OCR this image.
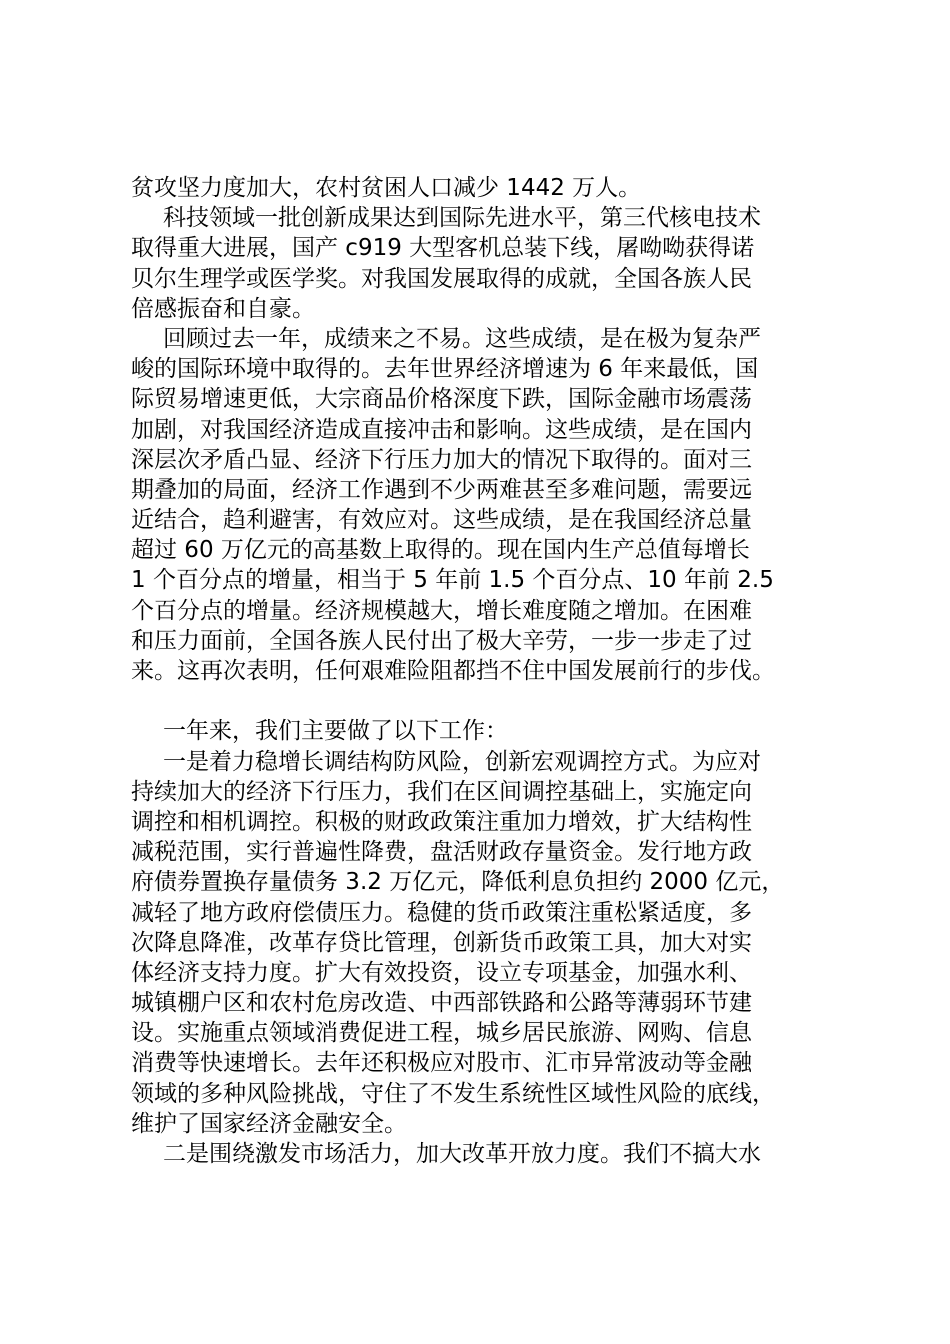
贫攻坚力度加大，农村贫困人口减少 1442 万人。
科技领域一批创新成果达到国际先进水平，第三代核电技术
取得重大进展，国产 c919 大型客机总装下线，屠呦呦获得诺
贝尔生理学或医学奖。对我国发展取得的成就，全国各族人民
倍感振奋和自豪。
回顾过去一年，成绩来之不易。这些成绩，是在极为复杂严
峻的国际环境中取得的。去年世界经济增速为 6 年来最低，国
际贸易增速更低，大宗商品价格深度下跌，国际金融市场震荡
加剧，对我国经济造成直接冲击和影响。这些成绩，是在国内
深层次矛盾凸显、经济下行压力加大的情况下取得的。面对三
期叠加的局面，经济工作遇到不少两难甚至多难问题，需要远
近结合，趋利避害，有效应对。这些成绩，是在我国经济总量
超过 60 万亿元的高基数上取得的。现在国内生产总值每增长
1 个百分点的增量，相当于 5 年前 1.5 个百分点、10 年前 2.5
个百分点的增量。经济规模越大，增长难度随之增加。在困难
和压力面前，全国各族人民付出了极大辛劳，一步一步走了过
来。这再次表明，任何艰难险阻都挡不住中国发展前行的步伐。
一年来，我们主要做了以下工作：
一是着力稳增长调结构防风险，创新宏观调控方式。为应对
持续加大的经济下行压力，我们在区间调控基础上，实施定向
调控和相机调控。积极的财政政策注重加力增效，扩大结构性
减税范围，实行普遍性降费，盘活财政存量资金。发行地方政
府债券置换存量债务 3.2 万亿元，降低利息负担约 2000 亿元，
减轻了地方政府偿债压力。稳健的货币政策注重松紧适度，多
次降息降准，改革存贷比管理，创新货币政策工具，加大对实
体经济支持力度。扩大有效投资，设立专项基金，加强水利、
城镇棚户区和农村危房改造、中西部铁路和公路等薄弱环节建
设。实施重点领域消费促进工程，城乡居民旅游、网购、信息
消费等快速增长。去年还积极应对股市、汇市异常波动等金融
领域的多种风险挑战，守住了不发生系统性区域性风险的底线，
维护了国家经济金融安全。
二是围绕激发市场活力，加大改革开放力度。我们不搞大水
